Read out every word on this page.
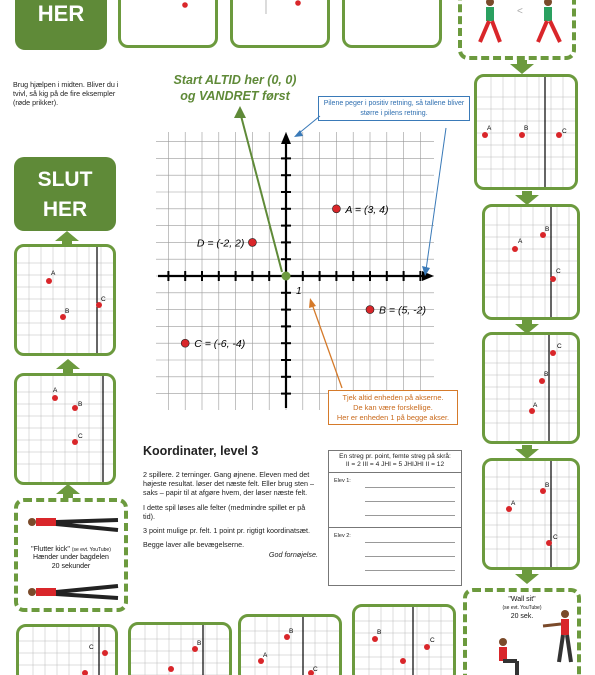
HER
SLUT
HER
Brug hjælpen i midten. Bliver du i tvivl, så kig på de fire eksempler (røde prikker).
<
A	B	C
A
B
C
C
B
A
B
A
C
"Wall sit"
(se evt. YouTube)
20 sek.
B
C
B
A
C
B
C
"Flutter kick" (se evt. YouTube)
Hænder under bagdelen
20 sekunder
A
B
C
A
B
C
1
A = (3, 4)
B = (5, -2)
C = (-6, -4)
D = (-2, 2)
Start ALTID her (0, 0)
og VANDRET først
Pilene peger i positiv retning, så tallene bliver større i pilens retning.
Tjek altid enheden på akserne.
De kan være forskellige.
Her er enheden 1 på begge akser.
Koordinater, level 3

2 spillere. 2 terninger. Gang øjnene. Eleven med det højeste resultat. løser det næste felt. Eller brug sten – saks – papir til at afgøre hvem, der løser næste felt.

I dette spil løses alle felter (medmindre spillet er på tid).

3 point mulige pr. felt. 1 point pr. rigtigt koordinatsæt.

Begge laver alle bevægelserne.

God fornøjelse.

En streg pr. point, femte streg på skrå:
II = 2 III = 4 JHI = 5 JHIJHI II = 12
Elev 1:
Elev 2:
